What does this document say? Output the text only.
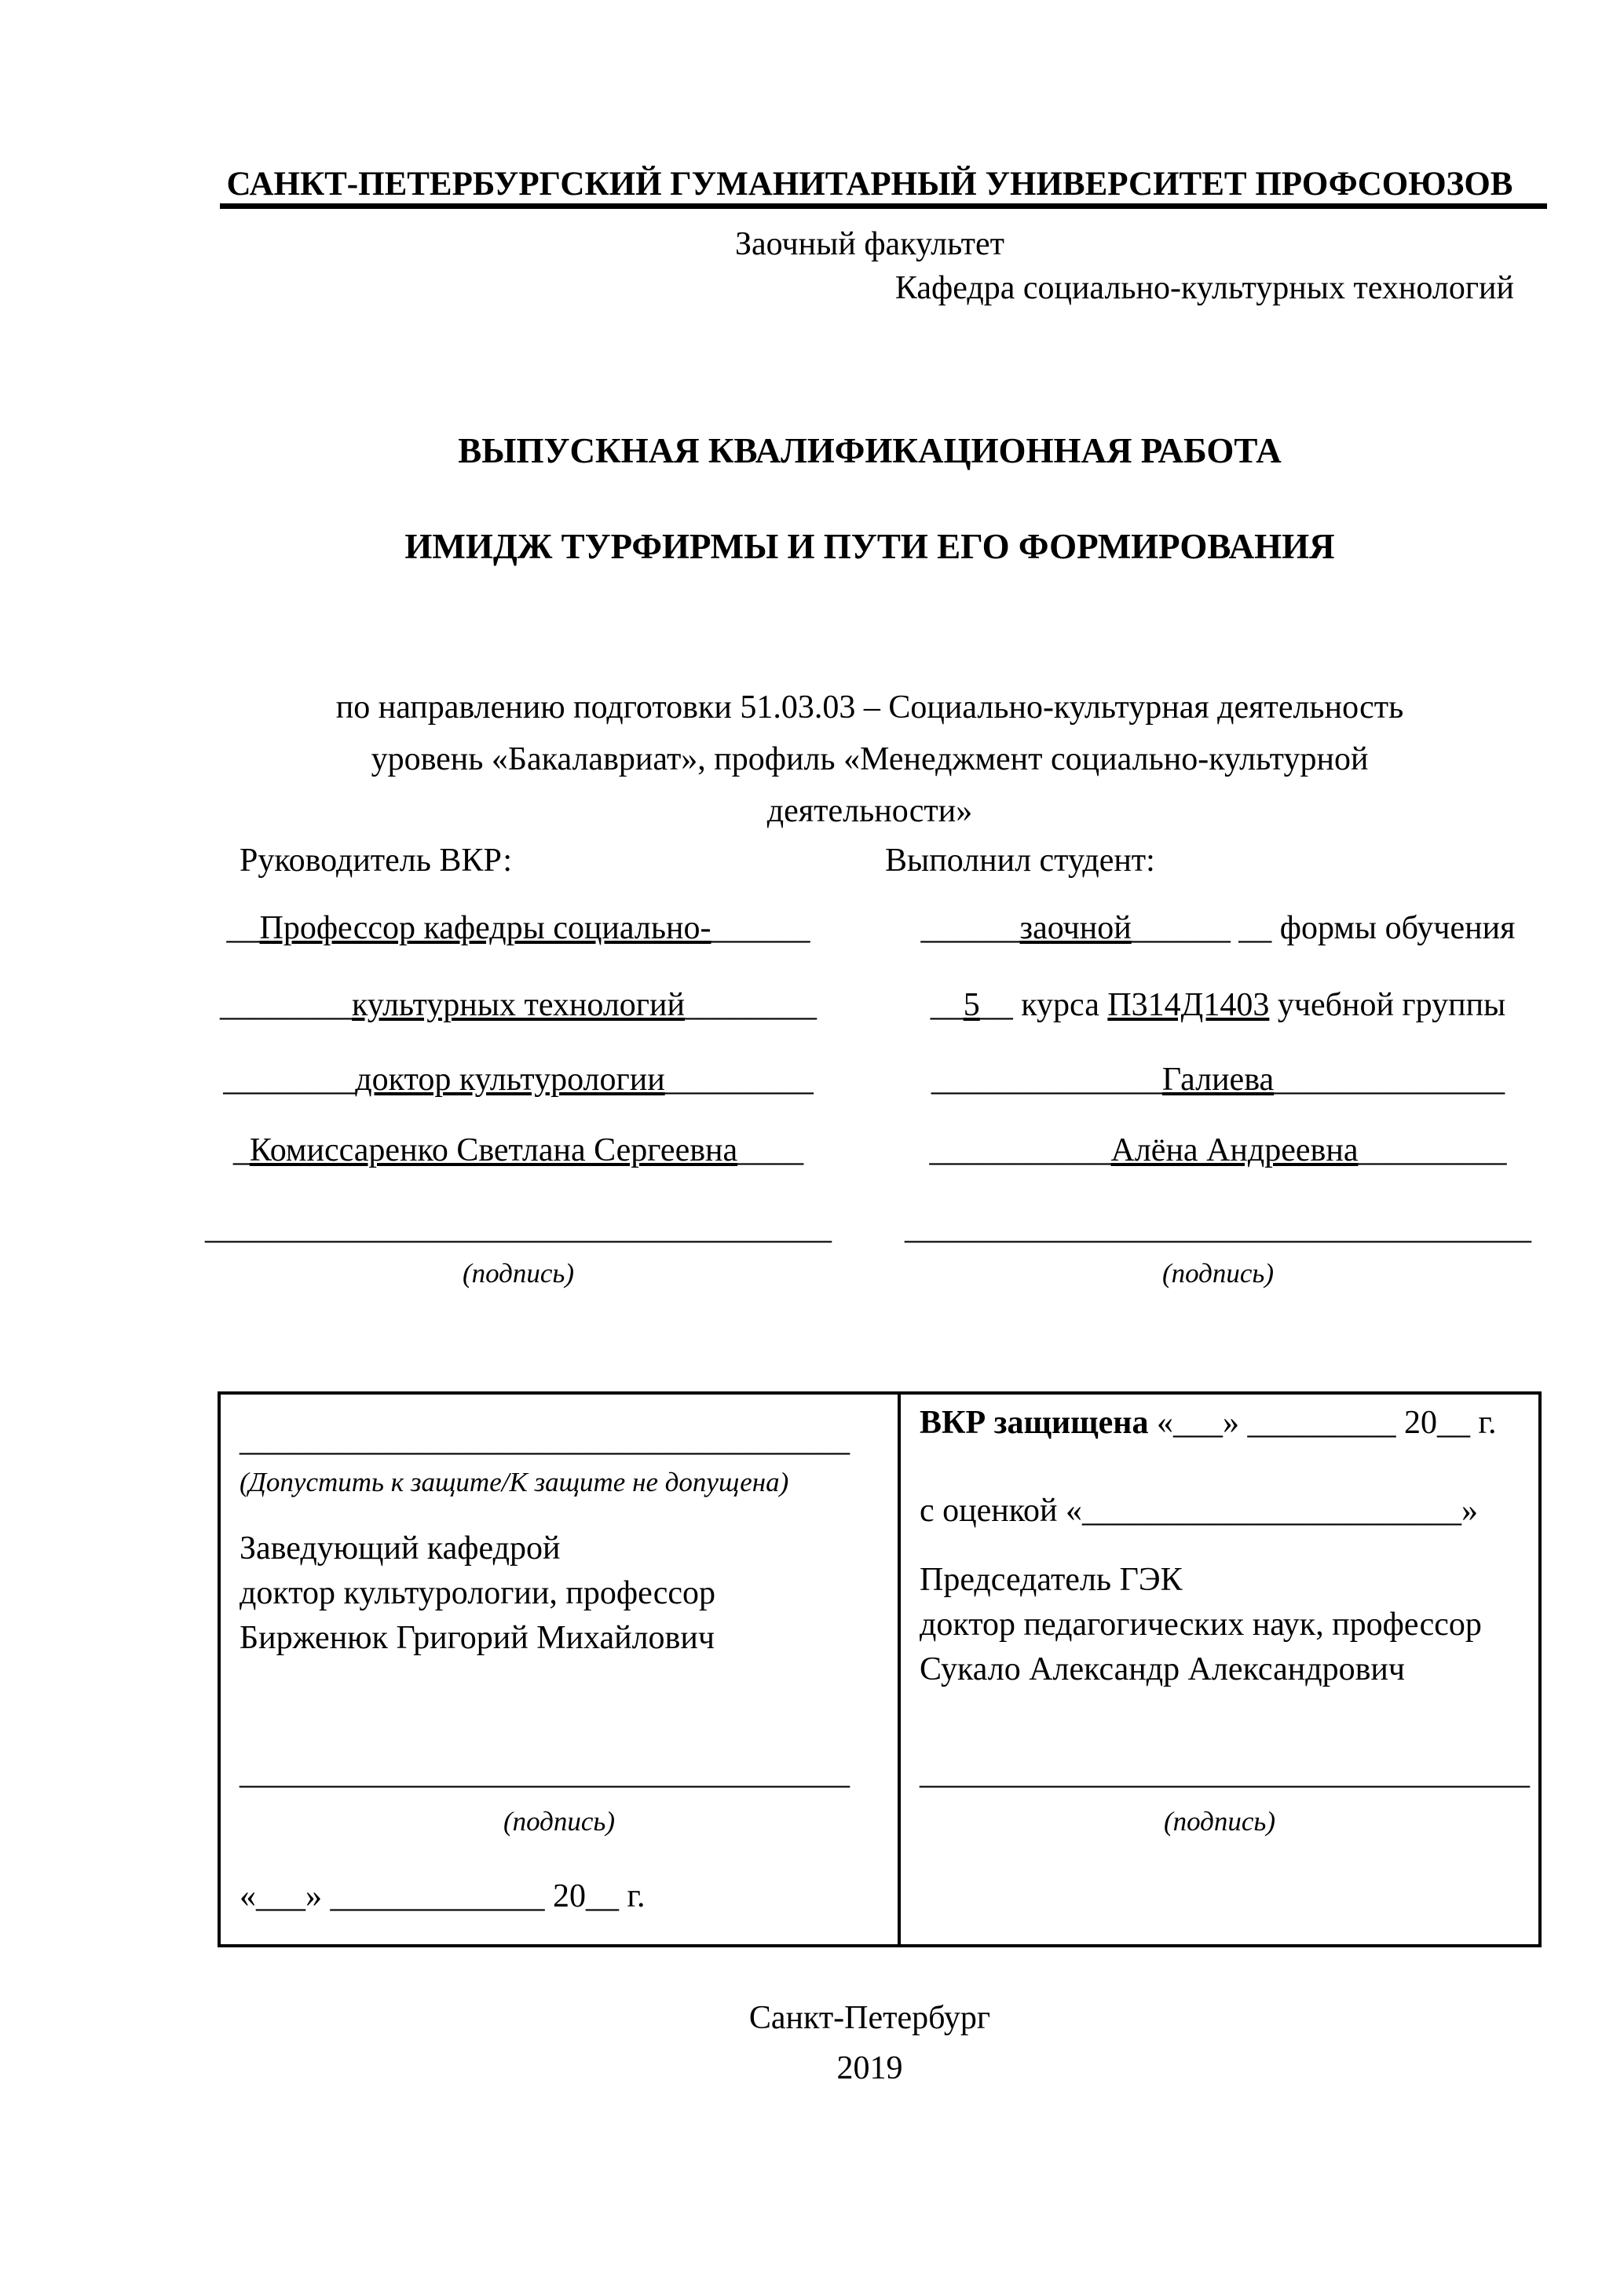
САНКТ-ПЕТЕРБУРГСКИЙ ГУМАНИТАРНЫЙ УНИВЕРСИТЕТ ПРОФСОЮЗОВ
Заочный факультет
Кафедра социально-культурных технологий
ВЫПУСКНАЯ КВАЛИФИКАЦИОННАЯ РАБОТА
ИМИДЖ ТУРФИРМЫ И ПУТИ ЕГО ФОРМИРОВАНИЯ
по направлению подготовки 51.03.03 – Социально-культурная деятельность
уровень «Бакалавриат», профиль «Менеджмент социально-культурной
деятельности»
Руководитель ВКР:	Выполнил студент:
__Профессор кафедры социально-______
________культурных технологий________
________доктор культурологии_________
_Комиссаренко Светлана Сергеевна____
______________________________________
(подпись)
______заочной______ __ формы обучения
__5__ курса П314Д1403 учебной группы
______________Галиева______________
___________Алёна Андреевна_________
______________________________________
(подпись)
_____________________________________
(Допустить к защите/К защите не допущена)
Заведующий кафедрой
доктор культурологии, профессор
Бирженюк Григорий Михайлович
_____________________________________
(подпись)
«___» _____________ 20__ г.
ВКР защищена «___» _________ 20__ г.
с оценкой «_______________________»
Председатель ГЭК
доктор педагогических наук, профессор
Сукало Александр Александрович
_____________________________________
(подпись)
Санкт-Петербург
2019
